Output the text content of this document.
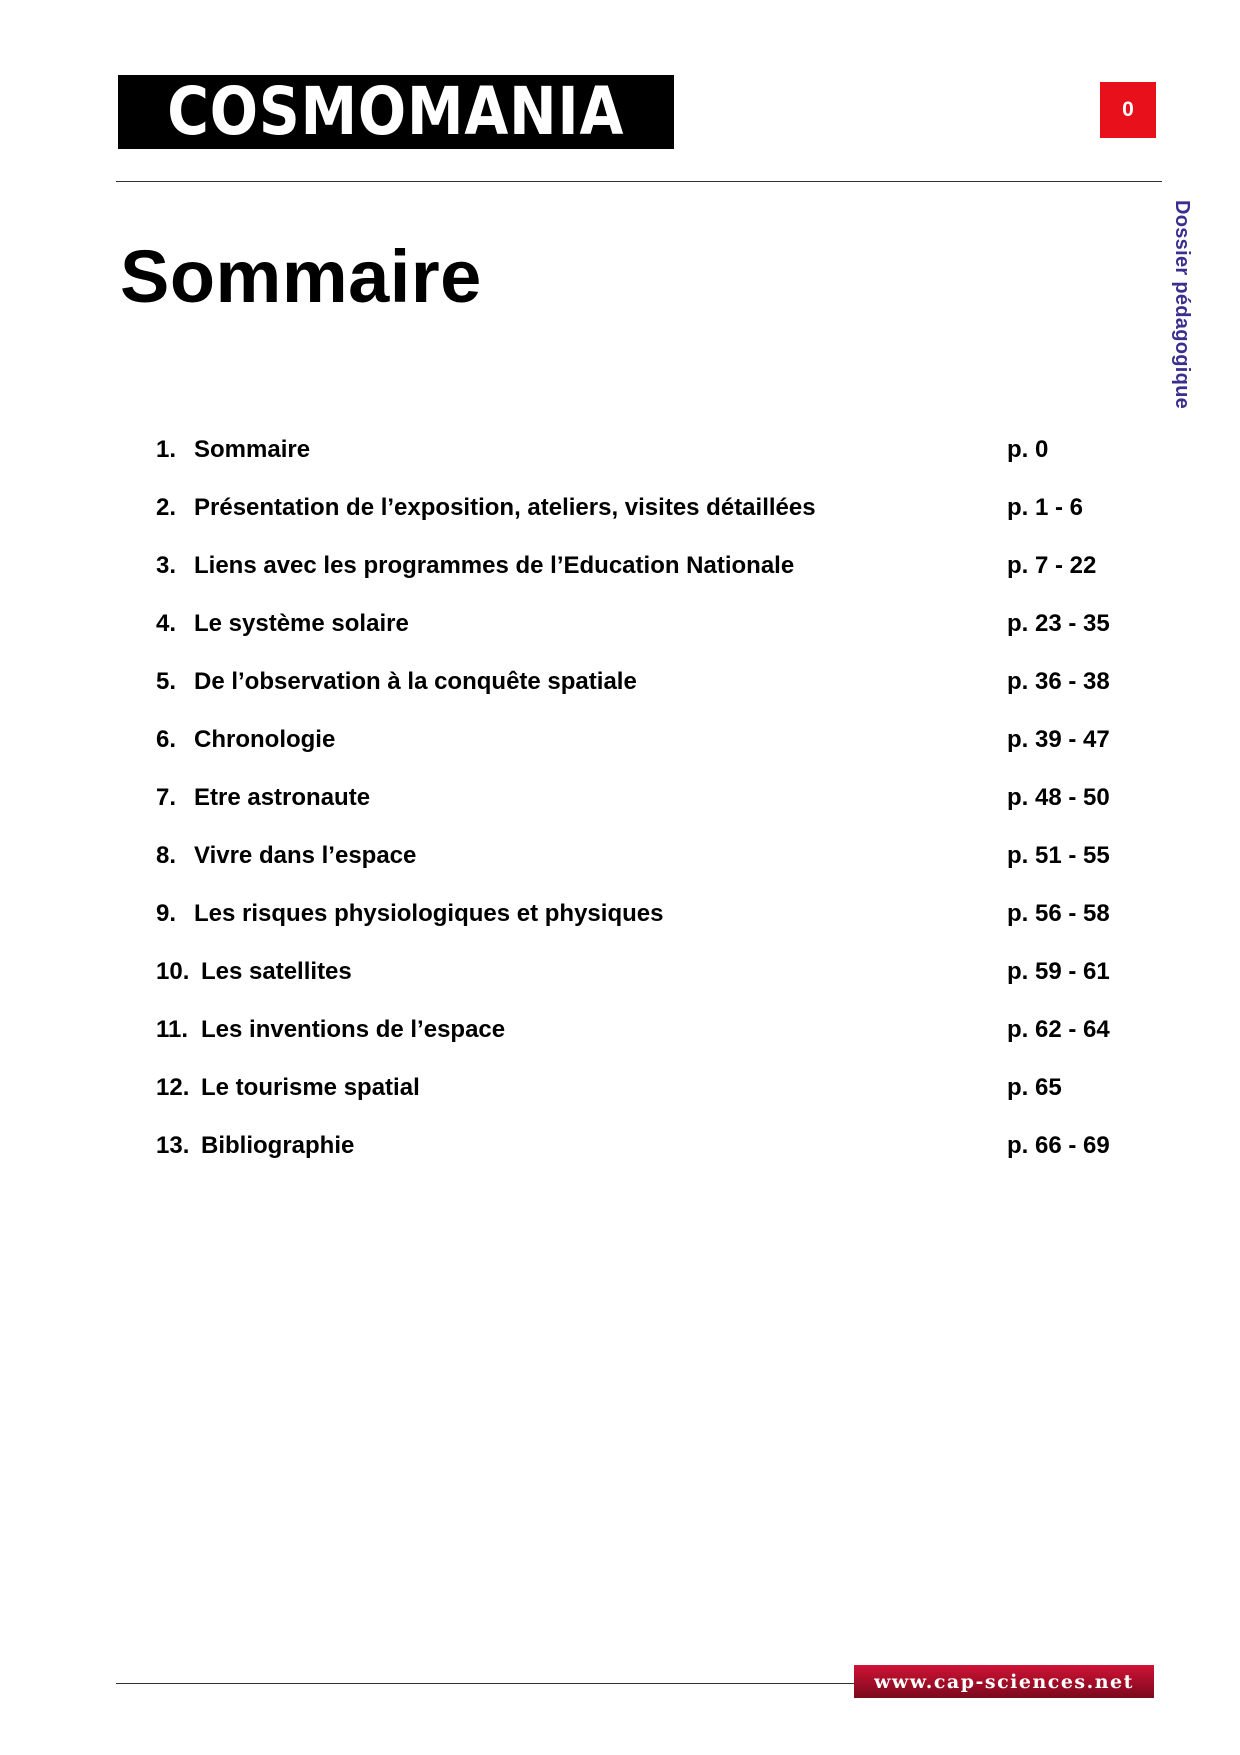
COSMOMANIA	0
Dossier pédagogique
Sommaire
1. Sommaire	p. 0
2. Présentation de l’exposition, ateliers, visites détaillées	p. 1 - 6
3. Liens avec les programmes de l’Education Nationale	p. 7 - 22
4. Le système solaire	p. 23 - 35
5. De l’observation à la conquête spatiale	p. 36 - 38
6. Chronologie	p. 39 - 47
7. Etre astronaute	p. 48 - 50
8. Vivre dans l’espace	p. 51 - 55
9. Les risques physiologiques et physiques	p. 56 - 58
10. Les satellites	p. 59 - 61
11. Les inventions de l’espace	p. 62 - 64
12. Le tourisme spatial	p. 65
13. Bibliographie	p. 66 - 69
www.cap-sciences.net
